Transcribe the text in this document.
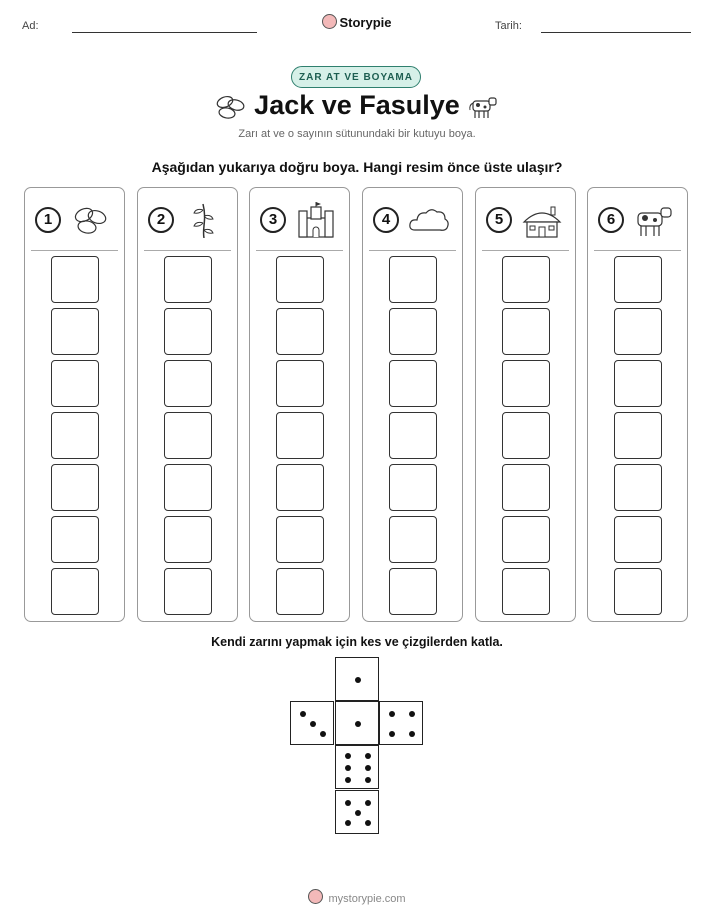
Ad:	Storypie	Tarih:
ZAR AT VE BOYAMA
Jack ve Fasulye
Zarı at ve o sayının sütunundaki bir kutuyu boya.
Aşağıdan yukarıya doğru boya. Hangi resim önce üste ulaşır?
1	2	3	4	5	6
Kendi zarını yapmak için kes ve çizgilerden katla.
mystorypie.com
